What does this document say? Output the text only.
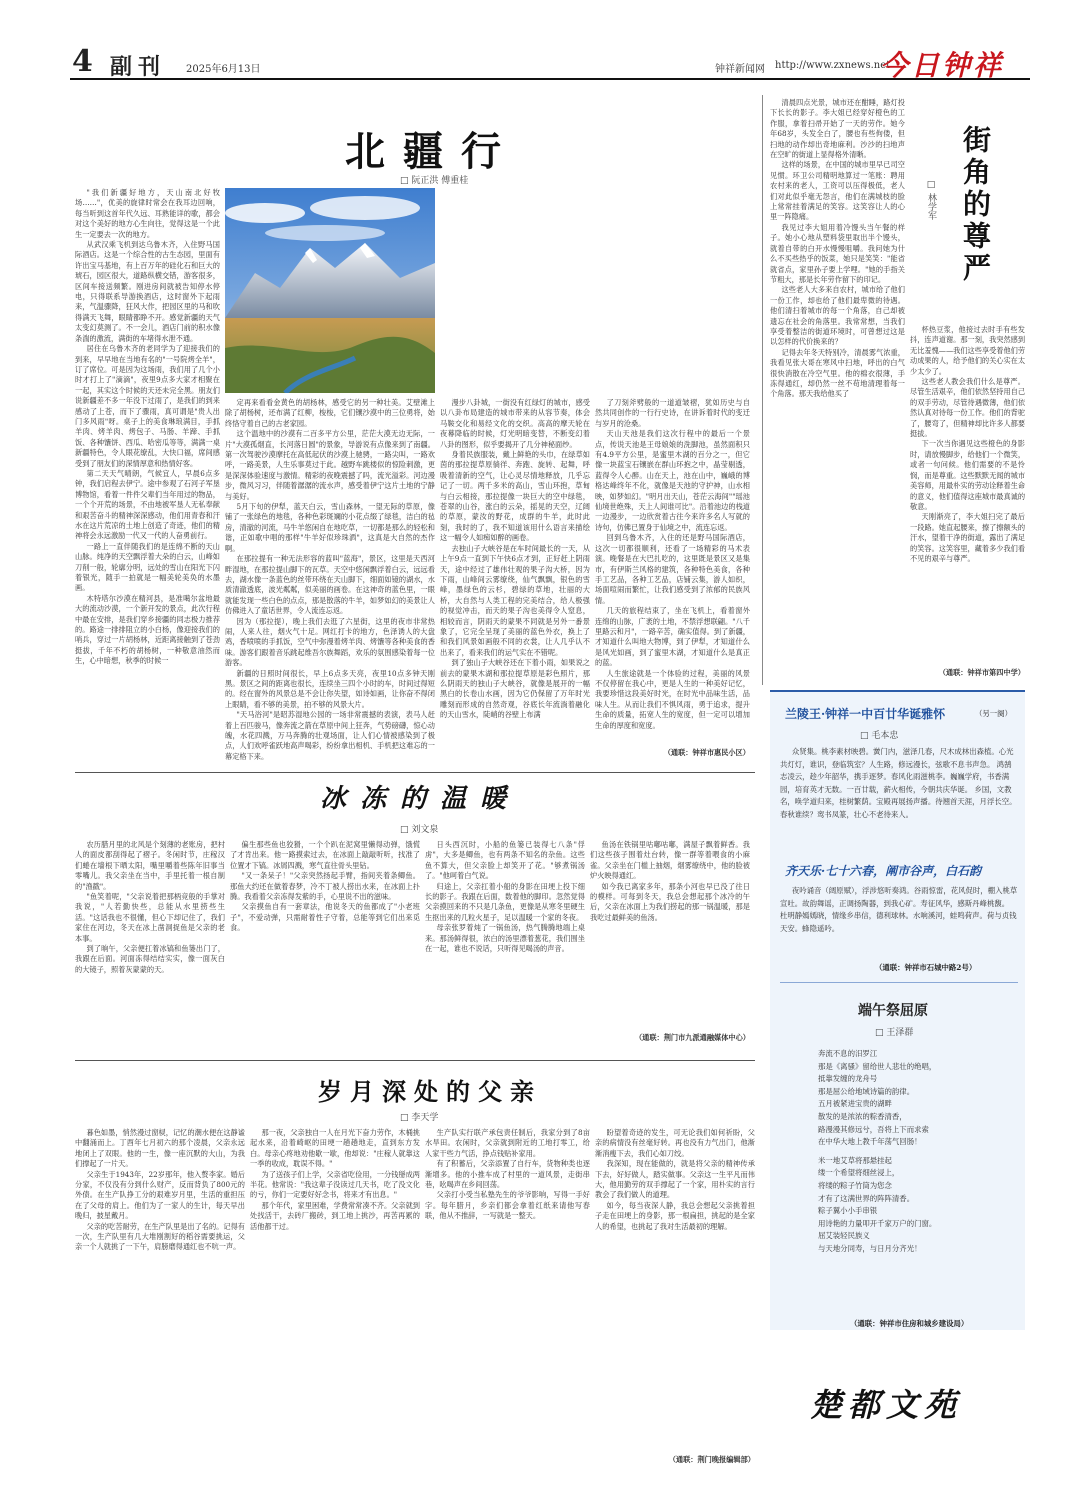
4 副刊 2025年6月13日	钟祥新闻网 http://www.zxnews.net
今日钟祥
北疆行
□ 阮正洪 傅重桂

"我们新疆好地方，天山南北好牧场……"，优美的旋律时常会在我耳边回响，每当听到这首年代久远、耳熟能详的歌，都会对这个美好的地方心生向往，觉得这是一个此生一定要去一次的地方。

从武汉乘飞机到达乌鲁木齐，入住野马国际酒店。这是一个综合性的古生态园，里面有许出宝马基地，有上百万年的硅化石和巨大的琥石，园区很大，道路纵横交错，游客很多，区间车接送频繁。刚进房间就被告知停水停电，只得联系导游换酒店，这时窗外下起雨来，气温骤降，狂风大作，把园区里的马和吹得满天飞舞，眼睛都睁不开。感觉新疆的天气太变幻莫测了。不一会儿，酒店门前的积水像条湍的激流，满街的车堵得水泄不通。

居住在乌鲁木齐的老同学为了迎接我们的到来，早早地在当地有名的"一号院烤全羊"，订了席位。可是因为这场雨，我们用了几个小时才打上了"滴滴"，夜里9点多大家才相聚在一起，其实这个时候的天还未完全黑。朋友们说新疆差不多一年没下过雨了，是我们的到来感动了上苍，而下了骤雨，真可谓是"贵人出门多风雨"呀。桌子上的美食琳琅满目，手抓羊肉、烤羊肉、烤包子、马肠、羊蹄、手抓饭、各种馕饼、西瓜、哈密瓜等等，满满一桌新疆特色，令人眼花缭乱，大快口福，席间感受到了朋友们的深情厚意和热情好客。

第二天天气晴朗，气候宜人，早晨6点多钟，我们启程去伊宁。途中参观了石河子军垦博物馆，看着一件件父辈们当年用过的物品，一个个开荒的场景，不由地被军垦人无私奉献和艰苦奋斗的精神深深感动，他们用青春和汗水在这片荒凉的土地上创造了奇迹，他们的精神将会永远激励一代又一代的人奋勇前行。

一路上一直伴随我们的是连绵不断的天山山脉。纯净的天空飘浮着大朵的白云，山峰如刀削一般，轮廓分明，远处的雪山在阳光下闪着银光，随手一拍就是一幅美轮美奂的水墨画。

木特塔尔沙漠在精河县，是准噶尔盆地最大的流动沙漠，一个新开发的景点，此次行程中最在安排，是我们穿乡接疆的同志极力推荐的。路途一排排阻立的小白杨，像迎接我们的哨兵，穿过一片胡杨林，近距离接触到了苍劲挺拔，千年不朽的胡杨树，一种敬意油然而生，心中暗想，秋季的时候一

定再来看看金黄色的胡杨林，感受它的另一种壮美。艾壁滩上除了胡杨树，还布满了红柳，梭梭，它们镶沙漠中的三位勇将，始终恪守着自己的古老家园。

这个温地中的沙漠有二百多平方公里，茫茫大漠无边无际，一片"大漠孤烟直，长河落日圆"的景象，导游说有点像来到了南疆。第一次驾驶沙漠摩托在高低起伏的沙漠上驰骋，一路尖叫，一路欢呼，一路美景，人生乐事莫过于此。越野车跳楼似的惊险刺激，更是深深体验速度与激情。精彩的夜晚震撼了吗，流光溢彩。河边漫步，微风习习，伴随着潺潺的流水声，感受着伊宁这片土地的宁静与美好。

5月下旬的伊犁，蓝天白云，雪山森林，一望无际的草原，像铺了一张绿色的地毯，各种色彩斑斓的小花点缀了绿毯，洁白的毡房，清澈的河流，马牛羊悠闲自在地吃草，一切都是那么的轻松和谐，正如歌中唱的那样"牛羊好似珍珠洒"，这真是大自然的杰作啊。

在那拉提有一种无法形容的蓝叫"蓝海"，景区，这里是天西河畔湿地，在那拉提山脚下的瓦草。天空中悠闲飘浮着白云，远远看去，湖水像一条蓝色的丝带环绕在天山脚下，细面如镜的湖水，水质清澈透底，波光粼粼，似美丽的画卷。在这神奇的蓝色里，一眼就能发现一些白色的点点，那是散落的牛羊，如梦如幻的美景让人仿佛进入了童话世界，令人流连忘返。

因为（那拉提），晚上我们去逛了六星街，这里的夜市非常热闹，人来人往，烟火气十足。网红打卡的地方，色泽诱人的大盘鸡，香喷喷的手抓饭，空气中弥漫着烤羊肉、烤馕等各种美食的香味。游客们跟着音乐跳起维吾尔族舞蹈，欢乐的氛围感染着每一位游客。

新疆的日照时间很长，早上6点多天亮，夜里10点多钟天刚黑。景区之间的距离也很长，连续坐三四个小时的车，时间过得短的。经在窗外的风景总是不会让你失望，如诗如画，让你奋不得闭上眼睛，看不够的美景，拍不够的风景大片。

"天马浴河"是昭苏湿地公园的一场非常震撼的表演，表马人赶着上百匹骏马，像奔流之箭在草原中间上狂奔，气势磅礴，惊心动魄，水花四溅，万马奔腾的壮观场面，让人们心情被感染到了极点，人们欢呼雀跃地高声喝彩，纷纷拿出相机、手机把这难忘的一幕定格下来。

漫步八卦城，一街没有红绿灯的城市，感受以八卦布局建造的城市带来的从容节奏，体会马鞍交化和易经文化的交织。高高的摩天轮在夜幕降临的时候，灯光明暗变替，不断变幻着八卦的图形，似乎要揭开了几分神秘面纱。

身着民族服装，戴上鲜艳的头巾，在绿草如茵的那拉提草原徜徉、奔跑、旋转、起舞，呼吸着清新的空气，让心灵尽情地释放，几乎忘记了一切。两千多米的高山，雪山环抱，草甸与白云相接，那拉提像一块巨大的空中绿毯，苍翠的山谷，涨白的云朵，摇晃的天空，辽阔的草原，蒙汝的野花，成群的牛羊，此时此刻，我时的了，我不知道该用什么语言来描绘这一幅令人如痴如醉的画卷。

去独山子大峡谷是在车时间最长的一天，从上午9点一直到下午快6点才到，正好赶上阴雨天，途中经过了雄伟壮观的果子沟大桥，因为下雨，山峰间云雾缭绕，仙气飘飘，银色的雪峰，墨绿色的云杉，碧绿的草地，壮丽的大桥，大自然与人类工程的完美结合，给人极强的视觉冲击，而天的果子沟也美得令人窒息，相较而言，阴雨天的蒙果不同就是另外一番景象了，它完全呈现了美丽的蓝色外衣，换上了和我们风景如画般不同的衣裳，让人几乎认不出来了，看来我们的运气实在不错呢。

到了独山子大峡谷还在下着小雨，如果说之前去的蒙果木湖和那拉提草原是彩色照片，那么阴雨天的独山子大峡谷，就像是展开的一幅黑白的长卷山水画，因为它仍保留了万年时光雕刻而形成的自然奇观，谷底长年流淌着融化的天山雪水，陡峭的谷壁上布满

了刀刻斧劈般的一道道皱褶，犹如历史与自然共同创作的一行行史诗，在讲诉着时代的变迁与岁月的沧桑。

天山天池是我们这次行程中的最后一个景点，传说天池是王母娘娘的洗脚池，虽然面积只有4.9平方公里，是蜜里木湖的百分之一，但它像一块蓝宝石镶嵌在群山环抱之中，晶莹剔透，蓝得令人心醉。山在天上，池在山中，巍峨的博格达峰终年不化，就像是天池的守护神，山水相映，如梦如幻。"明月出天山，苍茫云海间""瑶池仙境世绝殊，天上人间谁可比"。沿着池边的栈道一边漫步，一边欣赏着古往今来许多名人写就的诗句，仿佛已置身于仙境之中，流连忘返。

回到乌鲁木齐，入住的还是野马国际酒店，这次一切都很顺利，还看了一场精彩的马术表演。晚餐是在大巴扎吃的，这里既是景区又是集市，有伊斯兰风格的建筑，各种特色美食，各种手工艺品，各种工艺品，店铺云集，游人如织，场面喧闹而繁忙，让我们感受到了浓郁的民族风情。

几天的旅程结束了，坐在飞机上，看着窗外连绵的山脉，广袤的土地，不禁浮想联翩。"八千里路云和月"，一路辛苦，确实值得。到了新疆，才知道什么叫地大物博，到了伊犁，才知道什么是风光如画，到了蜜里木湖，才知道什么是真正的蓝。

人生旅途就是一个体验的过程，美丽的风景不仅停留在我心中，更是人生的一种美好记忆，我要珍惜这段美好时光，在时光中品味生活，品味人生。从而让我们不惧风雨，勇于追求，提升生命的质量，拓宽人生的宽度，但一定可以增加生命的厚度和宽度。

（通联：钟祥市惠民小区）

清晨四点光景，城市还在酣睡，路灯投下长长的影子。李大姐已经穿好橙色的工作服，拿着扫帚开始了一天的劳作。她今年68岁，头发全白了，腰也有些佝偻，但扫地的动作却出奇地麻利。沙沙的扫地声在空旷的街道上显得格外清晰。

这样的场景，在中国的城市里早已司空见惯。环卫公司精明地算过一笔账：聘用农村来的老人，工资可以压得极低，老人们对此似乎毫无怨言，他们在满城枝的脸上常常挂着满足的笑容。这笑容让人的心里一阵隐痛。

我见过李大姐用着冷馒头当午餐的样子。她小心地从塑料袋里取出半个馒头，就着自带的白开水慢慢咀嚼。我问她为什么不买些热乎的饭菜，她只是笑笑："能省就省点，家里孙子要上学哩。"她的手指关节粗大，那是长年劳作留下的印记。

这些老人大多来自农村，城市给了他们一份工作，却也给了他们最卑微的待遇。他们清扫着城市的每一个角落，自己却被遗忘在社会的角落里。我常常想，当我们享受着整洁的街道环境时，可曾想过这是以怎样的代价换来的？

记得去年冬天特别冷，清晨雾气浓重，我看见张大哥在寒风中扫地，呼出的白气很快消散在冷空气里。他的棉衣很薄，手冻得通红，却仍然一丝不苟地清理着每一个角落。那天我给他买了

街角的尊严
□ 林学军

杯热豆浆，他接过去时手有些发抖，连声道谢。那一刻，我突然感到无比羞愧——我们这些享受着他们劳动成果的人，给予他们的关心实在太少太少了。

这些老人教会我们什么是尊严。尽管生活艰辛，他们依然坚持用自己的双手劳动，尽管待遇微薄，他们依然认真对待每一份工作。他们的背驼了，腰弯了，但精神却比许多人都要挺拔。

下一次当你遇见这些橙色的身影时，请放慢脚步，给他们一个微笑，或者一句问候。他们需要的不是怜悯，而是尊重。这些默默无闻的城市美容师，用最朴实的劳动诠释着生命的意义，他们值得这座城市最真诚的敬意。

天刚渐亮了，李大姐扫完了最后一段路。她直起腰来，擦了擦额头的汗水，望着干净的街道，露出了满足的笑容。这笑容里，藏着多少我们看不见的艰辛与尊严。

（通联：钟祥市第四中学）
冰冻的温暖
□ 刘文泉

农历腊月里的北风是个刻薄的老账房，把村人的面皮都刮得起了褶子。冬闲时节，庄稼汉们蜷在墙根下晒太阳，嘴里嚼着些陈年旧事当零嘴儿。我父亲坐在当中，手里托着一根自制的"渔戳"。

"鱼笑着呢，"父亲说着把那柄竞般的手掌对我说，"人若勤快些，总能从水里捞些生活。"这话我也不很懂，但心下却记住了，我们家住在河边，冬天在冰上凿洞捉鱼是父亲的老本事。

到了晌午，父亲便扛着冰镐和鱼篓出门了，我跟在后面。河面冻得结结实实，像一面灰白的大镜子，照着灰蒙蒙的天。

偏生那些鱼也狡猾，一个个趴在泥窝里懒得动弹，饿慌了才肯出来。他一路摸索过去，在冰面上敲敲听听，找准了位置才下镐。冰屑四溅，寒气直往骨头里钻。

"又一条呆子！"父亲突然扬起手臂，指间夹着条鲫鱼。那鱼大约还在做着春梦，冷不丁被人捞出水来，在冰面上扑腾。我看着父亲冻得发紫的手，心里说不出的滋味。

父亲摸鱼自有一套章法，他说冬天的鱼都成了"小老班子"，不爱动弹，只需耐着性子守着，总能等到它们出来觅食。

日头西沉时，小船的鱼篓已装得七八条"俘虏"，大多是鲫鱼，也有两条不知名的杂鱼。这些鱼不算大，但父亲脸上却笑开了花。"够煮锅汤了。"他呵着白气说。

归途上，父亲扛着小船的身影在田埂上投下细长的影子。我跟在后面，数着他的脚印。忽然觉得父亲摸回来的不只是几条鱼，更像是从寒冬里硬生生抠出来的几粒火星子，足以温暖一个家的冬夜。

母亲张罗着炖了一锅鱼汤，热气腾腾地端上桌来。那汤鲜得很，浓白的汤里漂着葱花，我们围坐在一起，谁也不说话，只听得见喝汤的声音。

鱼汤在铁锅里咕嘟咕嘟，满屋子飘着鲜香。我们这些孩子围着灶台转，像一群等着喂食的小麻雀。父亲坐在门槛上抽烟，烟雾缭绕中，他的脸被炉火映得通红。

如今我已离家多年，那条小河也早已没了往日的模样。可每到冬天，我总会想起那个冰冷的午后，父亲在冰面上为我们捞起的那一锅温暖，那是我吃过最鲜美的鱼汤。

（通联：荆门市九派通融媒体中心）
岁月深处的父亲
□ 李天学

暮色如墨，悄然漫过窗棂，记忆的潮水便在这静谧中翻涌而上。丁酉年七月初六的那个凌晨，父亲永远地闭上了双眼。他的一生，像一座沉默的大山，为我们撑起了一片天。

父亲生于1943年，22岁那年，他入赘李家。婚后分家，不仅没有分到什么财产，反而背负了800元的外债。在生产队挣工分的艰难岁月里，生活的重担压在了父母的肩上。他们为了一家人的生计，每天早出晚归，披星戴月。

父亲的吃苦耐劳，在生产队里是出了名的。记得有一次，生产队里有几大堆刚割好的稻谷需要挑运，父亲一个人就挑了一下午，肩膀磨得通红也不吭一声。

那一夜，父亲独自一人在月光下奋力劳作，木桶挑起水来，沿着崎岖的田埂一趟趟地走，直到东方发白。母亲心疼地劝他歇一歇，他却说："庄稼人就靠这一季的收成，耽误不得。"

为了送孩子们上学，父亲省吃俭用，一分钱掰成两半花。他常说："我这辈子没读过几天书，吃了没文化的亏，你们一定要好好念书，将来才有出息。"

那个年代，家里困难，学费常常凑不齐。父亲就到处找活干，去砖厂搬砖，到工地上挑沙，再苦再累的活他都干过。

生产队实行联产承包责任制后，我家分到了8亩水旱田。农闲时，父亲就到附近的工地打零工，给人家干些力气活，挣点钱贴补家用。

有了积蓄后，父亲添置了自行车，货物种类也逐渐增多。他的小推车成了村里的一道风景，走街串巷，吆喝声在乡间回荡。

父亲打小受当私塾先生的爷爷影响，写得一手好字。每年腊月，乡亲们都会拿着红纸来请他写春联，他从不推辞，一写就是一整天。

盼望着奇迹的发生，可无论我们如何祈盼，父亲的病情没有丝毫好转。再也没有力气出门，他渐渐消瘦下去，我们心如刀绞。

我深知，现在能做的，就是将父亲的精神传承下去，好好做人，踏实做事。父亲这一生平凡而伟大，他用勤劳的双手撑起了一个家，用朴实的言行教会了我们做人的道理。

如今，每当夜深人静，我总会想起父亲挑着担子走在田埂上的身影，那一根扁担，挑起的是全家人的希望，也挑起了我对生活最初的理解。

（通联：荆门晚报编辑部）
兰陵王·钟祥一中百廿华诞雅怀	（另一阕）
□ 毛本忠
众贤集。桃李素材映碧。黉门内，滋泽几春，尺木成林出森植。心光共灯灯，谁识，登临筑室？人生路，修远漫长，弦歌不息书声急。 鸿鹄志凌云，趁少年韶华，携手逐梦。春风化雨滋桃李。巍巍学府，书香满园，培育英才无数。一百廿载，薪火相传，今朝共庆华诞。 乡国，文教名，唤学道归来，桂树繁荫。宝殿再展扬声播。待翘首天涯，月浮长空。春秋谁续？鸾书凤篆，壮心不老待来人。
齐天乐·七十六春，阐市谷声，白石韵
夜吟诵音（阔原赋），浮涉悠听奏鸿。谷雨惊雷，花风促时，棚入桃草宣吐。故韵舞谣，正调扬陶器，到我心矿。寿征风华，感斯丹峰桃馥。 杜明静嫣嫣晓，情缘乡串信，德利球林。水响溪河，蛙鸣荷声。荷与贞钱天安。蜂隐遥吟。
（通联：钟祥市石城中路2号）
端午祭屈原
□ 王泽群
奔流不息的汨罗江
那是《离骚》留给世人悲壮的绝唱，
抵靠发缠的龙舟号
那是屈公给地域诗篇的韵律。
五月被紧进宝贵的湖畔
散发的是浓浓的粽香清香，
路漫漫其修远兮，吾将上下而求索
在中华大地上教千年荡气回肠！
米一地艾草将那悬挂起
缕一个希望将细丝浸上，
将缕的粽子竹筒为您念
才有了这满世界的阵阵清香。
粽子翼小小手串银
用诗艳的力量叩开千家万户的门窗。
屈艾装轻民族义
与天地分同寿，与日月分齐光！
（通联：钟祥市住房和城乡建设局）
楚都文苑
